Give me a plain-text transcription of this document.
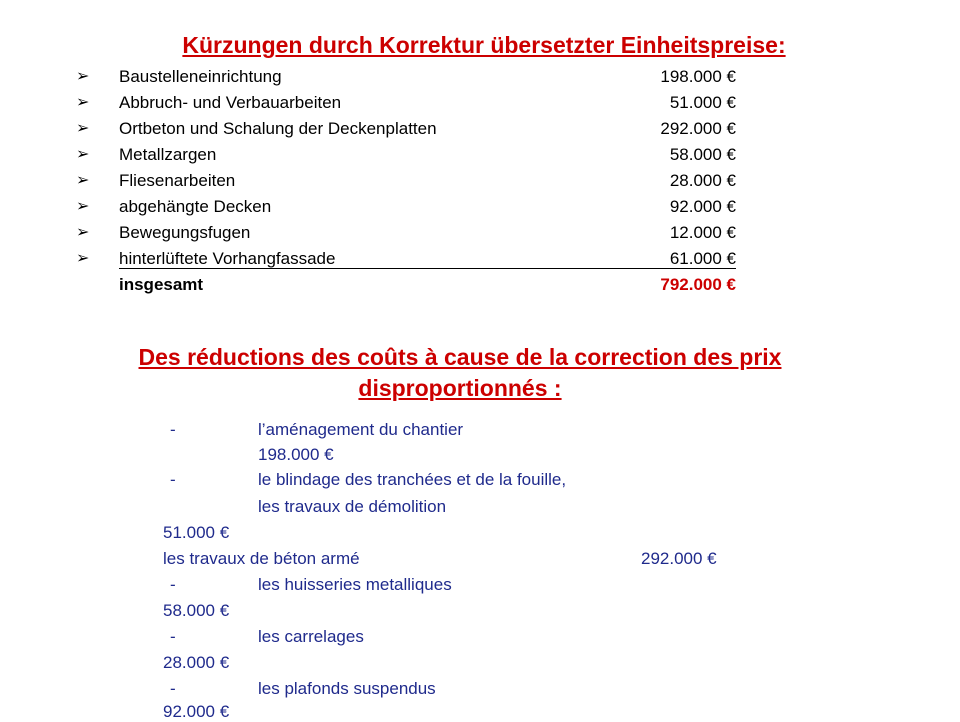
Kürzungen durch Korrektur übersetzter Einheitspreise:
➢ Baustelleneinrichtung	198.000 €
➢ Abbruch- und Verbauarbeiten	51.000 €
➢ Ortbeton und Schalung der Deckenplatten	292.000 €
➢ Metallzargen	58.000 €
➢ Fliesenarbeiten	28.000 €
➢ abgehängte Decken	92.000 €
➢ Bewegungsfugen	12.000 €
➢ hinterlüftete Vorhangfassade	61.000 €
insgesamt	792.000 €
Des réductions des coûts à cause de la correction des prix
disproportionnés :
-	l’aménagement du chantier
198.000 €
-	le blindage des tranchées et de la fouille,
les travaux de démolition
51.000 €
les travaux de béton armé	292.000 €
-	les huisseries metalliques
58.000 €
-	les carrelages
28.000 €
-	les plafonds suspendus
92.000 €
